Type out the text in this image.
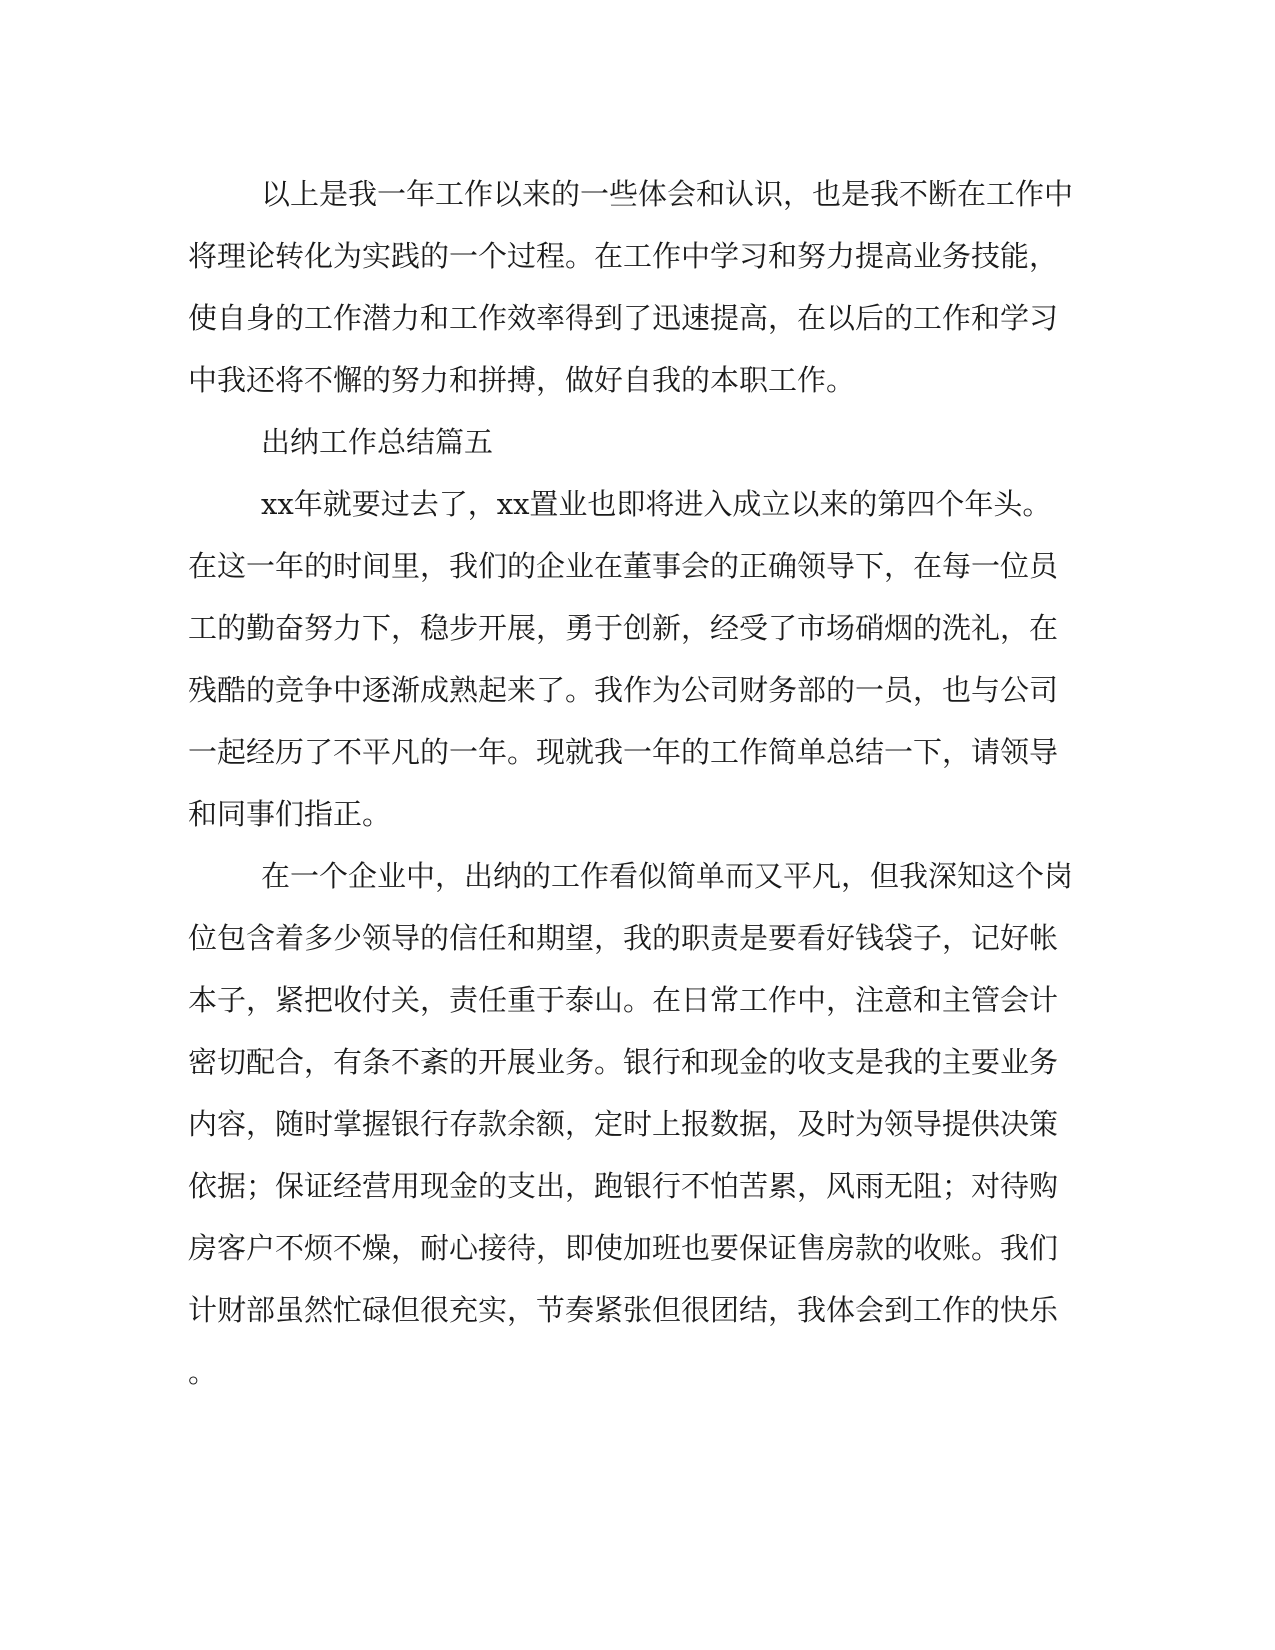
以上是我一年工作以来的一些体会和认识，也是我不断在工作中
将理论转化为实践的一个过程。在工作中学习和努力提高业务技能，
使自身的工作潜力和工作效率得到了迅速提高，在以后的工作和学习
中我还将不懈的努力和拼搏，做好自我的本职工作。
出纳工作总结篇五
xx年就要过去了，xx置业也即将进入成立以来的第四个年头。
在这一年的时间里，我们的企业在董事会的正确领导下，在每一位员
工的勤奋努力下，稳步开展，勇于创新，经受了市场硝烟的洗礼，在
残酷的竞争中逐渐成熟起来了。我作为公司财务部的一员，也与公司
一起经历了不平凡的一年。现就我一年的工作简单总结一下，请领导
和同事们指正。
在一个企业中，出纳的工作看似简单而又平凡，但我深知这个岗
位包含着多少领导的信任和期望，我的职责是要看好钱袋子，记好帐
本子，紧把收付关，责任重于泰山。在日常工作中，注意和主管会计
密切配合，有条不紊的开展业务。银行和现金的收支是我的主要业务
内容，随时掌握银行存款余额，定时上报数据，及时为领导提供决策
依据；保证经营用现金的支出，跑银行不怕苦累，风雨无阻；对待购
房客户不烦不燥，耐心接待，即使加班也要保证售房款的收账。我们
计财部虽然忙碌但很充实，节奏紧张但很团结，我体会到工作的快乐
。
